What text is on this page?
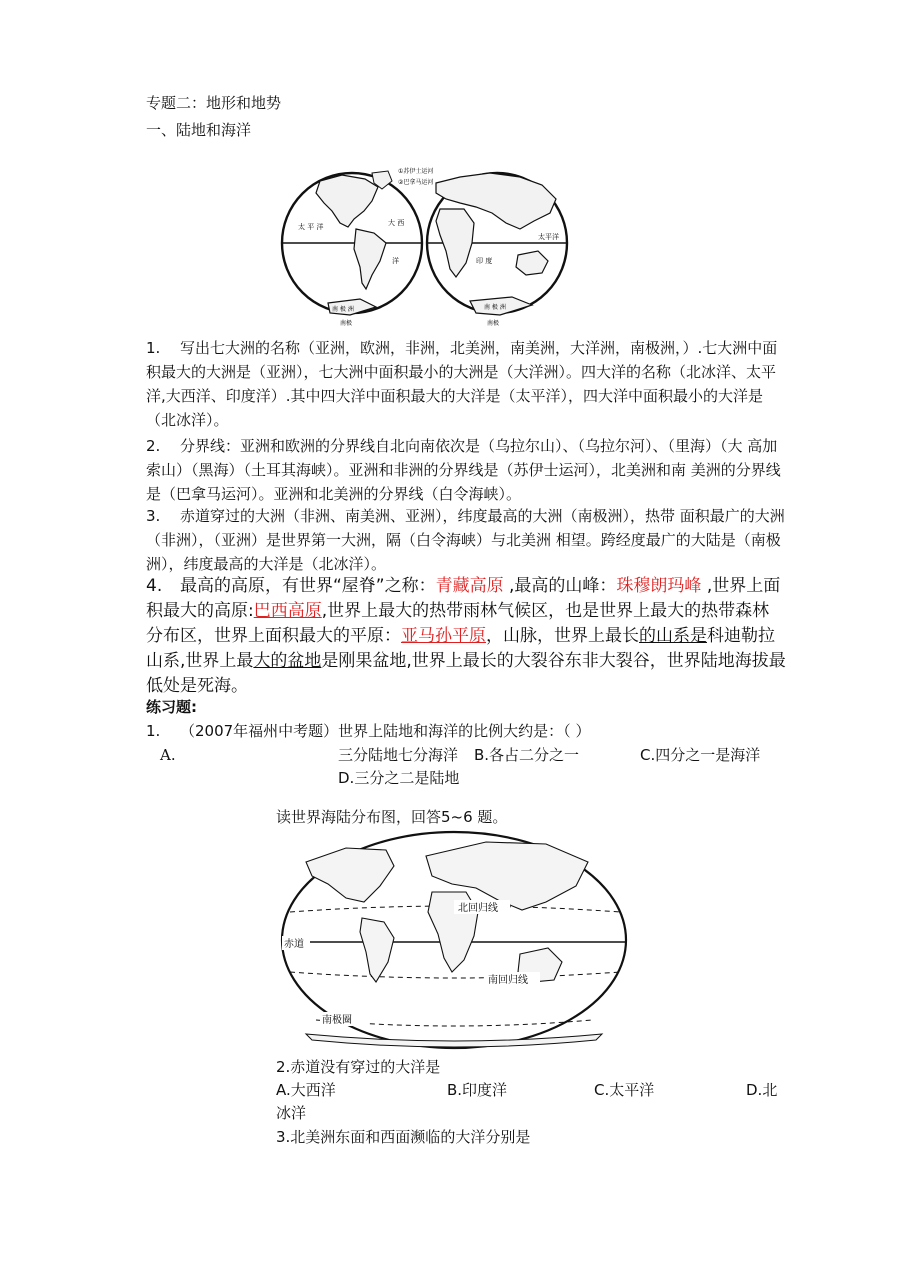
专题二：地形和地势
一、陆地和海洋
①苏伊士运河
②巴拿马运河
太 平 洋	大 西
洋	印 度
太平洋
南 极 洲	南 极 洲
南极	南极
1. 写出七大洲的名称（亚洲，欧洲，非洲，北美洲，南美洲，大洋洲，南极洲，）.七大洲中面积最大的大洲是（亚洲），七大洲中面积最小的大洲是（大洋洲）。四大洋的名称（北冰洋、太平洋,大西洋、印度洋）.其中四大洋中面积最大的大洋是（太平洋），四大洋中面积最小的大洋是（北冰洋）。
2. 分界线：亚洲和欧洲的分界线自北向南依次是（乌拉尔山）、（乌拉尔河）、（里海）（大 高加索山）（黑海）（土耳其海峡）。亚洲和非洲的分界线是（苏伊士运河），北美洲和南 美洲的分界线是（巴拿马运河）。亚洲和北美洲的分界线（白令海峡）。
3. 赤道穿过的大洲（非洲、南美洲、亚洲），纬度最高的大洲（南极洲），热带 面积最广的大洲（非洲），（亚洲）是世界第一大洲，隔（白令海峡）与北美洲 相望。跨经度最广的大陆是（南极洲），纬度最高的大洋是（北冰洋）。
4. 最高的高原，有世界“屋脊”之称：青藏高原 ,最高的山峰：珠穆朗玛峰 ,世界上面积最大的高原:巴西高原,世界上最大的热带雨林气候区，也是世界上最大的热带森林分布区，世界上面积最大的平原：亚马孙平原，山脉，世界上最长的山系是科迪勒拉山系,世界上最大的盆地是刚果盆地,世界上最长的大裂谷东非大裂谷，世界陆地海拔最低处是死海。
练习题:
1. （2007年福州中考题）世界上陆地和海洋的比例大约是：（ ）
A.	三分陆地七分海洋 B.各占二分之一	C.四分之一是海洋
D.三分之二是陆地
读世界海陆分布图，回答5~6 题。
北回归线
赤道
南回归线
南极圈
2.赤道没有穿过的大洋是
A.大西洋	B.印度洋	C.太平洋	D.北
冰洋
3.北美洲东面和西面濒临的大洋分别是
